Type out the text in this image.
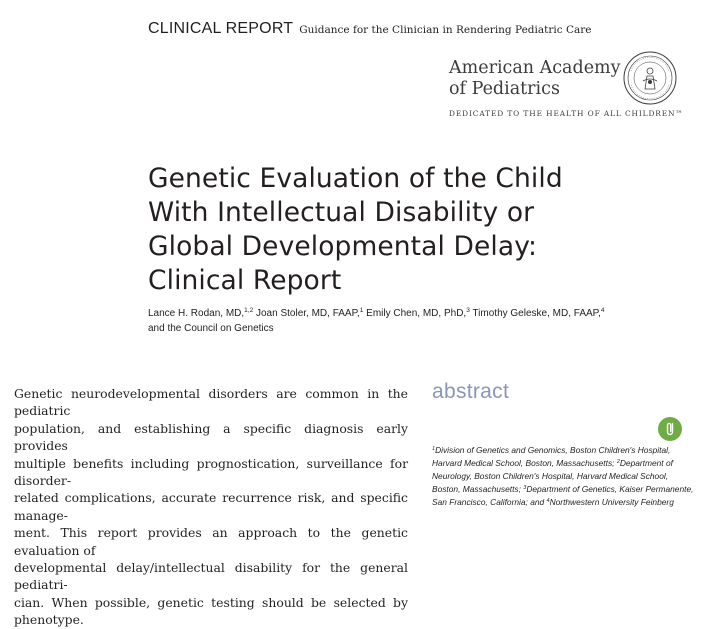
CLINICAL REPORT Guidance for the Clinician in Rendering Pediatric Care
American Academy
of Pediatrics
DEDICATED TO THE HEALTH OF ALL CHILDREN™
Genetic Evaluation of the Child
With Intellectual Disability or
Global Developmental Delay:
Clinical Report
Lance H. Rodan, MD,$^{1,2}$ Joan Stoler, MD, FAAP,$^1$ Emily Chen, MD, PhD,$^3$ Timothy Geleske, MD, FAAP,$^4$  and the Council on Genetics
Genetic neurodevelopmental disorders are common in the pediatric
population, and establishing a specific diagnosis early provides
multiple benefits including prognostication, surveillance for disorder-
related complications, accurate recurrence risk, and specific manage-
ment. This report provides an approach to the genetic evaluation of
developmental delay/intellectual disability for the general pediatri-
cian. When possible, genetic testing should be selected by phenotype.
abstract
$^1$Division of Genetics and Genomics, Boston Children's Hospital,
Harvard Medical School, Boston, Massachusetts; $^2$Department of
Neurology, Boston Children's Hospital, Harvard Medical School,
Boston, Massachusetts; $^3$Department of Genetics, Kaiser Permanente,
San Francisco, California; and $^4$Northwestern University Feinberg
